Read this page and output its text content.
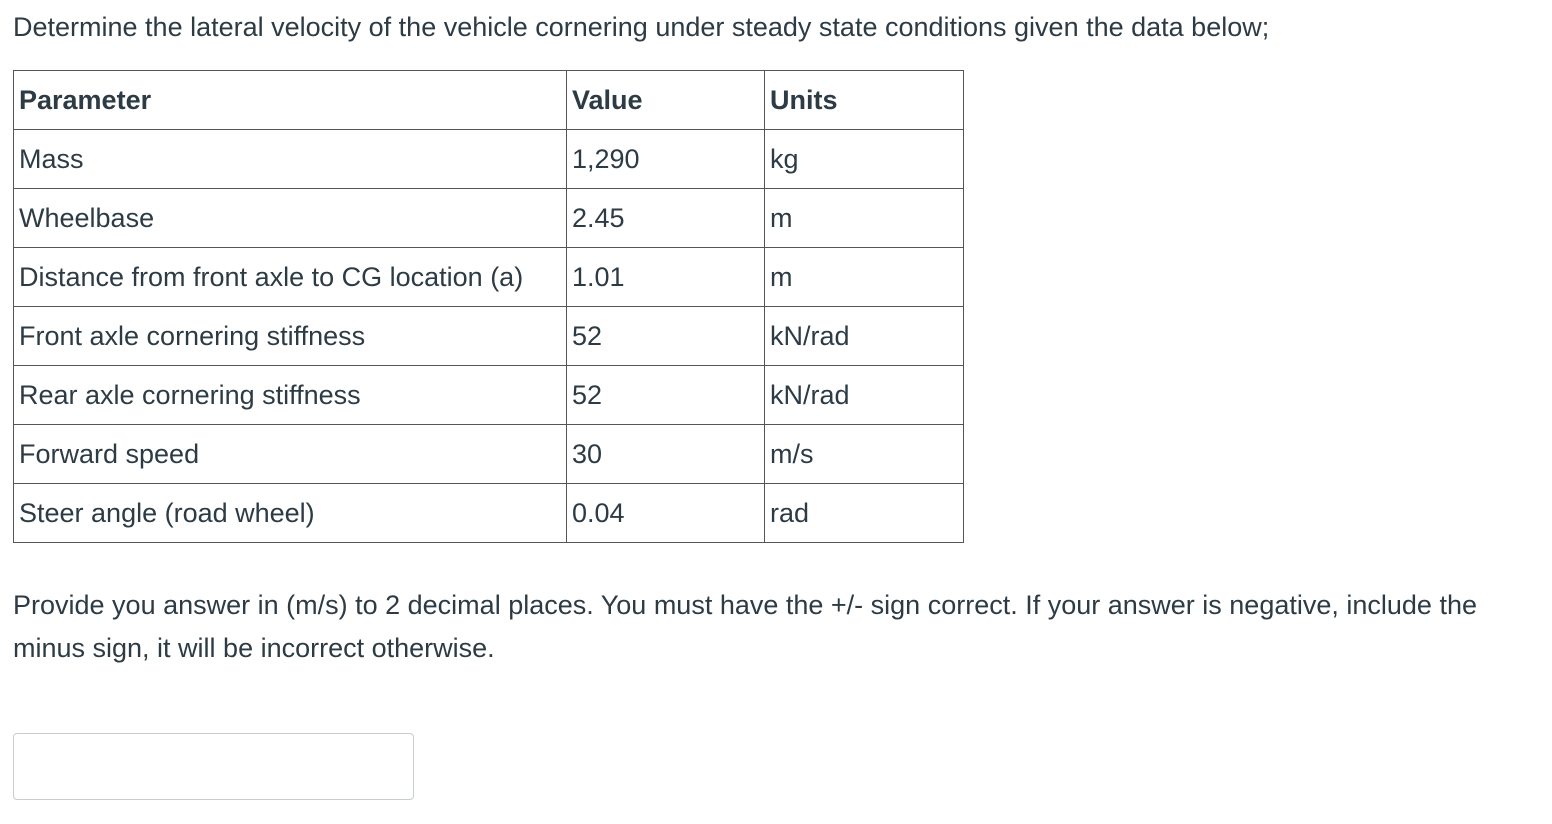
Determine the lateral velocity of the vehicle cornering under steady state conditions given the data below;

Parameter	Value	Units
Mass	1,290	kg
Wheelbase	2.45	m
Distance from front axle to CG location (a)	1.01	m
Front axle cornering stiffness	52	kN/rad
Rear axle cornering stiffness	52	kN/rad
Forward speed	30	m/s
Steer angle (road wheel)	0.04	rad

Provide you answer in (m/s) to 2 decimal places. You must have the +/- sign correct. If your answer is negative, include the minus sign, it will be incorrect otherwise.
